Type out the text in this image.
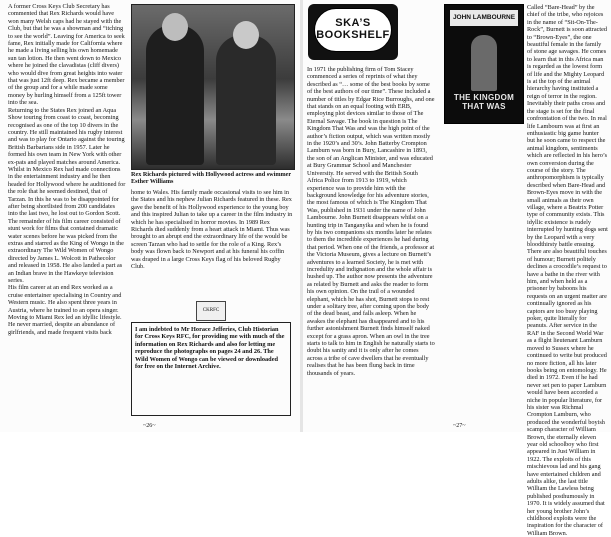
A former Cross Keys Club Secretary has commented that Rex Richards would have won many Welsh caps had he stayed with the Club, but that he was a showman and “itching to see the world”. Leaving for America to seek fame, Rex initially made for California where he made a living selling his own homemade sun tan lotion. He then went down to Mexico where he joined the clavadistas (cliff divers) who would dive from great heights into water that was just 12ft deep. Rex became a member of the group and for a while made some money by hurling himself from a 125ft tower into the sea.

Returning to the States Rex joined an Aqua Show touring from coast to coast, becoming recognised as one of the top 10 divers in the country. He still maintained his rugby interest and was to play for Ontario against the touring British Barbarians side in 1957. Later he formed his own team in New York with other ex-pats and played matches around America.

Whilst in Mexico Rex had made connections in the entertainment industry and he then headed for Hollywood where he auditioned for the role that he seemed destined, that of Tarzan. In this he was to be disappointed for after being shortlisted from 200 candidates into the last two, he lost out to Gordon Scott. The remainder of his film career consisted of stunt work for films that contained dramatic water scenes before he was picked from the extras and starred as the King of Wongo in the extraordinary The Wild Women of Wongo directed by James L. Wolcott in Pathecolor and released in 1958. He also landed a part as an Indian brave in the Hawkeye television series.

His film career at an end Rex worked as a cruise entertainer specialising in Country and Western music. He also spent three years in Austria, where he trained to an opera singer.

Moving to Miami Rex led an idyllic lifestyle. He never married, despite an abundance of girlfriends, and made frequent visits back

Rex Richards pictured with Hollywood actress and swimmer Esther Williams

home to Wales. His family made occasional visits to see him in the States and his nephew Julian Richards featured in these. Rex gave the benefit of his Hollywood experience to the young boy and this inspired Julian to take up a career in the film industry in which he has specialised in horror movies. In 1989 Rex Richards died suddenly from a heart attack in Miami. Thus was brought to an abrupt end the extraordinary life of the would be screen Tarzan who had to settle for the role of a King. Rex’s body was flown back to Newport and at his funeral his coffin was draped in a large Cross Keys flag of his beloved Rugby Club.

CKRFC
I am indebted to Mr Horace Jefferies, Club Historian for Cross Keys RFC, for providing me with much of the information on Rex Richards and also for letting me reproduce the photographs on pages 24 and 26. The Wild Women of Wongo can be viewed or downloaded for free on the Internet Archive.
~26~
SKA’S BOOKSHELF

In 1971 the publishing firm of Tom Stacey commenced a series of reprints of what they described as “… some of the best books by some of the best authors of our time”. These included a number of titles by Edgar Rice Burroughs, and one that stands on an equal footing with ERB, employing plot devices similar to those of The Eternal Savage. The book in question is The Kingdom That Was and was the high point of the author’s fiction output, which was written mostly in the 1920’s and 30’s. John Batterby Crompton Lamburn was born in Bury, Lancashire in 1893, the son of an Anglican Minister, and was educated at Bury Grammar School and Manchester University. He served with the British South Africa Police from 1913 to 1919, which experience was to provide him with the background knowledge for his adventure stories, the most famous of which is The Kingdom That Was, published in 1931 under the name of John Lambourne. John Burnett disappears whilst on a hunting trip in Tanganyika and when he is found by his two companions six months later he relates to them the incredible experiences he had during that period. When one of the friends, a professor at the Victoria Museum, gives a lecture on Burnett’s adventures to a learned Society, he is met with incredulity and indignation and the whole affair is hushed up. The author now presents the adventure as related by Burnett and asks the reader to form his own opinion. On the trail of a wounded elephant, which he has shot, Burnett stops to rest under a solitary tree, after coming upon the body of the dead beast, and falls asleep. When he awakes the elephant has disappeared and to his further astonishment Burnett finds himself naked except for a grass apron. When an owl in the tree starts to talk to him in English he naturally starts to doubt his sanity and it is only after he comes across a tribe of cave dwellers that he eventually realises that he has been flung back in time thousands of years.

JOHN LAMBOURNE
THE KINGDOM THAT WAS

Called “Bare-Head” by the chief of the tribe, who rejoices in the name of “Sit-On-The-Rock”, Burnett is soon attracted to “Brown-Eyes”, the one beautiful female in the family of stone age savages. He comes to learn that in this Africa man is regarded as the lowest form of life and the Mighty Leopard is at the top of the animal hierarchy having instituted a reign of terror in the region. Inevitably their paths cross and the stage is set for the final confrontation of the two. In real life Lambourn was at first an enthusiastic big game hunter but he soon came to respect the animal kingdom, sentiments which are reflected in his hero’s own conversion during the course of the story. The anthropomorphism is typically described when Bare-Head and Brown-Eyes move in with the small animals as their own village, where a Beatrix Potter type of community exists. This idyllic existence is rudely interrupted by hunting dogs sent by the Leopard with a very bloodthirsty battle ensuing. There are also beautiful touches of humour; Burnett politely declines a crocodile’s request to have a bathe in the river with him, and when held as a prisoner by baboons his requests on an urgent matter are continually ignored as his captors are too busy playing poker, quite literally for peanuts. After service in the RAF in the Second World War as a flight lieutenant Lamburn moved to Sussex where he continued to write but produced no more fiction, all his later books being on entomology. He died in 1972. Even if he had never set pen to paper Lamburn would have been accorded a niche in popular literature, for his sister was Richmal Crompton Lamburn, who produced the wonderful boyish scamp character of William Brown, the eternally eleven year old schoolboy who first appeared in Just William in 1922. The exploits of this mischievous lad and his gang have entertained children and adults alike, the last title William the Lawless being published posthumously in 1970. It is widely assumed that her young brother John’s childhood exploits were the inspiration for the character of William Brown.

~27~
